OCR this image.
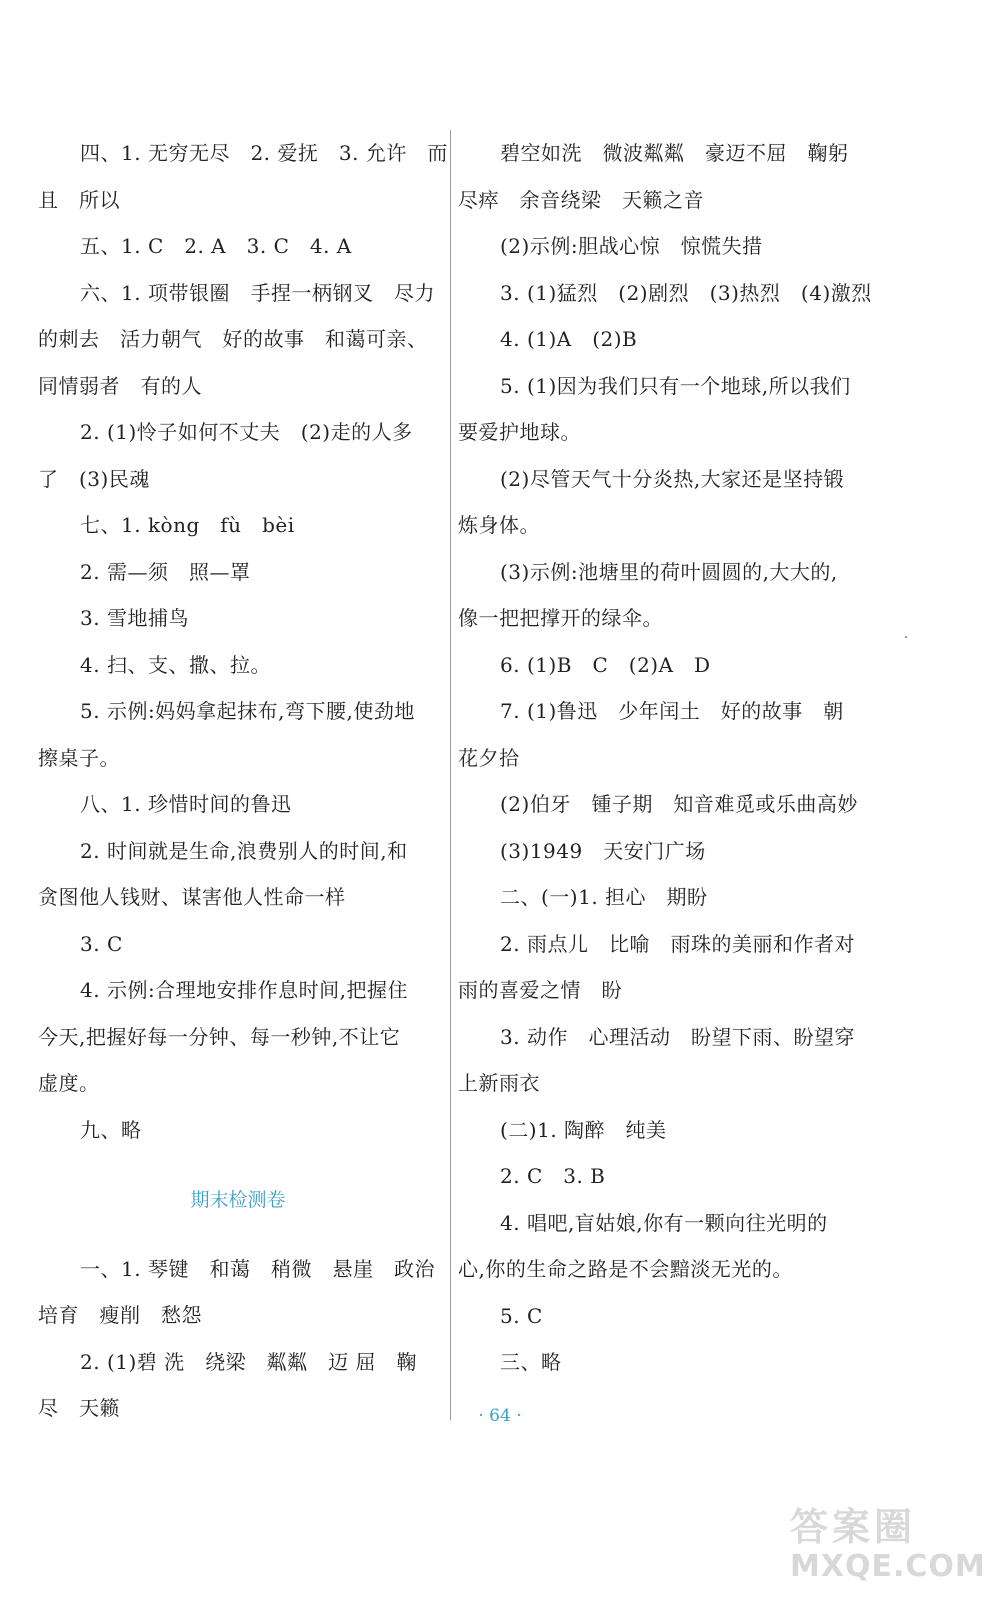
四、1. 无穷无尽　2. 爱抚　3. 允许　而
且　所以
五、1. C　2. A　3. C　4. A
六、1. 项带银圈　手捏一柄钢叉　尽力
的刺去　活力朝气　好的故事　和蔼可亲、
同情弱者　有的人
2. (1)怜子如何不丈夫　(2)走的人多
了　(3)民魂
七、1. kòng　fù　bèi
2. 需—须　照—罩
3. 雪地捕鸟
4. 扫、支、撒、拉。
5. 示例:妈妈拿起抹布,弯下腰,使劲地
擦桌子。
八、1. 珍惜时间的鲁迅
2. 时间就是生命,浪费别人的时间,和
贪图他人钱财、谋害他人性命一样
3. C
4. 示例:合理地安排作息时间,把握住
今天,把握好每一分钟、每一秒钟,不让它
虚度。
九、略
期末检测卷
一、1. 琴键　和蔼　稍微　悬崖　政治
培育　瘦削　愁怨
2. (1)碧 洗　绕梁　粼粼　迈 屈　鞠
尽　天籁
碧空如洗　微波粼粼　豪迈不屈　鞠躬
尽瘁　余音绕梁　天籁之音
(2)示例:胆战心惊　惊慌失措
3. (1)猛烈　(2)剧烈　(3)热烈　(4)激烈
4. (1)A　(2)B
5. (1)因为我们只有一个地球,所以我们
要爱护地球。
(2)尽管天气十分炎热,大家还是坚持锻
炼身体。
(3)示例:池塘里的荷叶圆圆的,大大的,
像一把把撑开的绿伞。
6. (1)B　C　(2)A　D
7. (1)鲁迅　少年闰土　好的故事　朝
花夕拾
(2)伯牙　锺子期　知音难觅或乐曲高妙
(3)1949　天安门广场
二、(一)1. 担心　期盼
2. 雨点儿　比喻　雨珠的美丽和作者对
雨的喜爱之情　盼
3. 动作　心理活动　盼望下雨、盼望穿
上新雨衣
(二)1. 陶醉　纯美
2. C　3. B
4. 唱吧,盲姑娘,你有一颗向往光明的
心,你的生命之路是不会黯淡无光的。
5. C
三、略
· 64 ·
答案圈
MXQE.COM
